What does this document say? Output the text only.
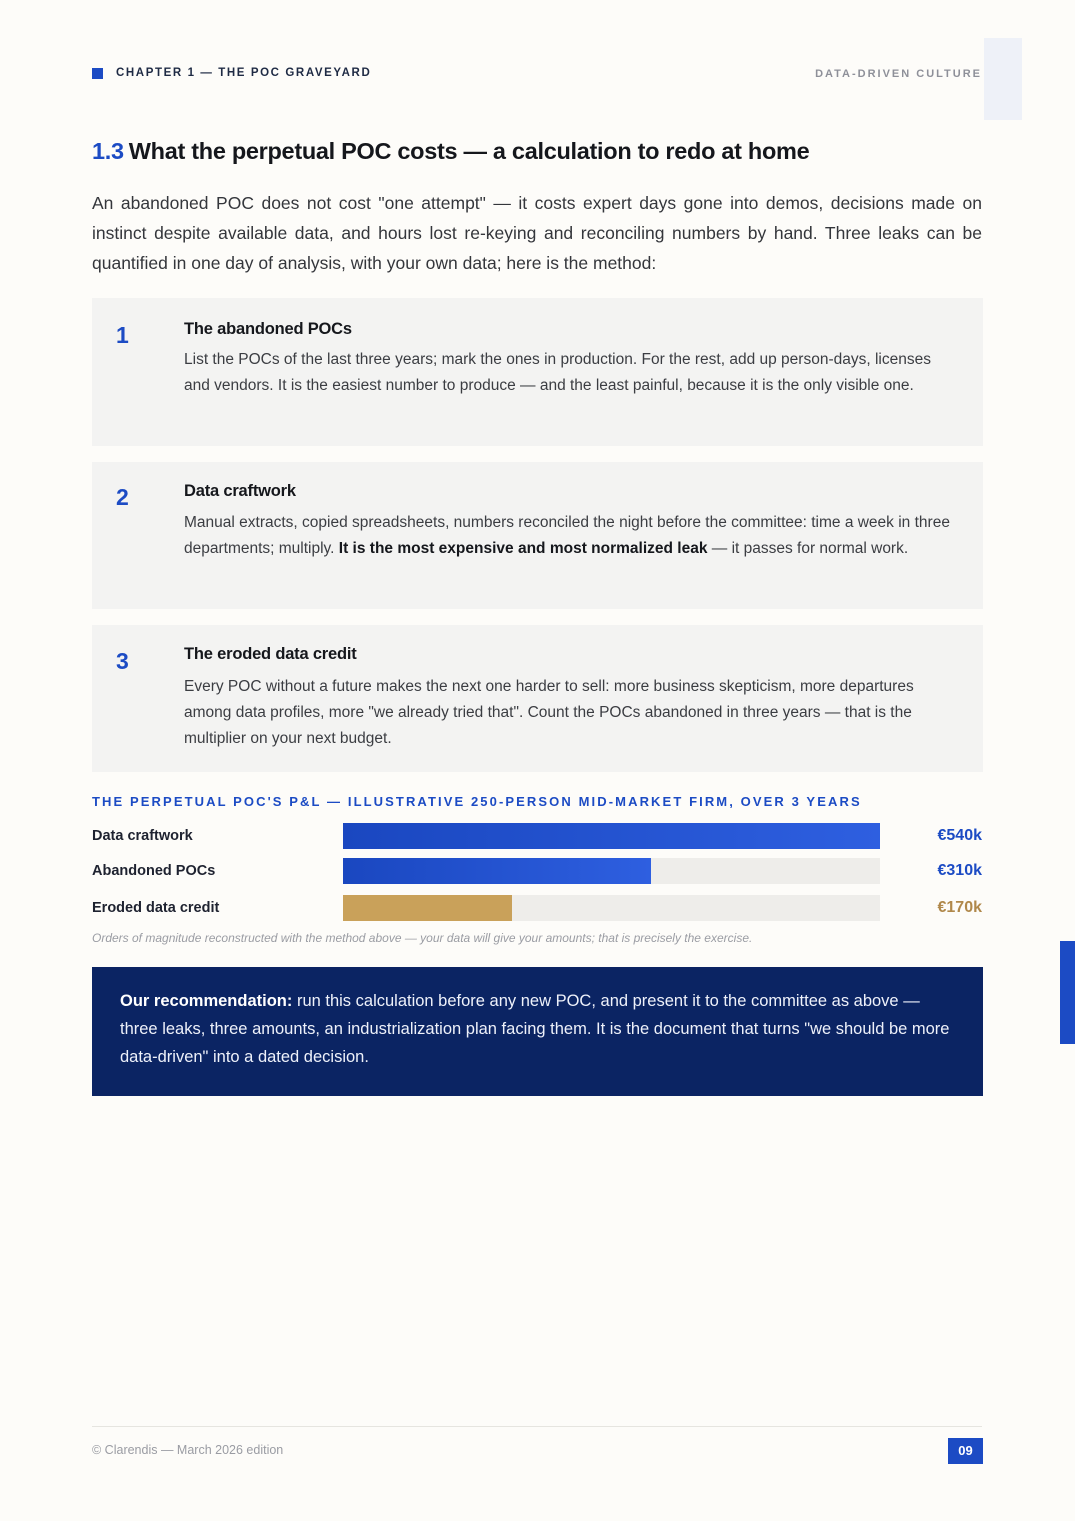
CHAPTER 1 — THE POC GRAVEYARD	DATA-DRIVEN CULTURE
1.3 What the perpetual POC costs — a calculation to redo at home

An abandoned POC does not cost "one attempt" — it costs expert days gone into demos, decisions made on instinct despite available data, and hours lost re-keying and reconciling numbers by hand. Three leaks can be quantified in one day of analysis, with your own data; here is the method:

1	The abandoned POCs

List the POCs of the last three years; mark the ones in production. For the rest, add up person-days, licenses and vendors. It is the easiest number to produce — and the least painful, because it is the only visible one.

2	Data craftwork

Manual extracts, copied spreadsheets, numbers reconciled the night before the committee: time a week in three departments; multiply. It is the most expensive and most normalized leak — it passes for normal work.

3	The eroded data credit

Every POC without a future makes the next one harder to sell: more business skepticism, more departures among data profiles, more "we already tried that". Count the POCs abandoned in three years — that is the multiplier on your next budget.

THE PERPETUAL POC'S P&L — ILLUSTRATIVE 250-PERSON MID-MARKET FIRM, OVER 3 YEARS
Data craftwork	€540k
Abandoned POCs	€310k
Eroded data credit	€170k
Orders of magnitude reconstructed with the method above — your data will give your amounts; that is precisely the exercise.

Our recommendation: run this calculation before any new POC, and present it to the committee as above — three leaks, three amounts, an industrialization plan facing them. It is the document that turns "we should be more data-driven" into a dated decision.

© Clarendis — March 2026 edition	09
